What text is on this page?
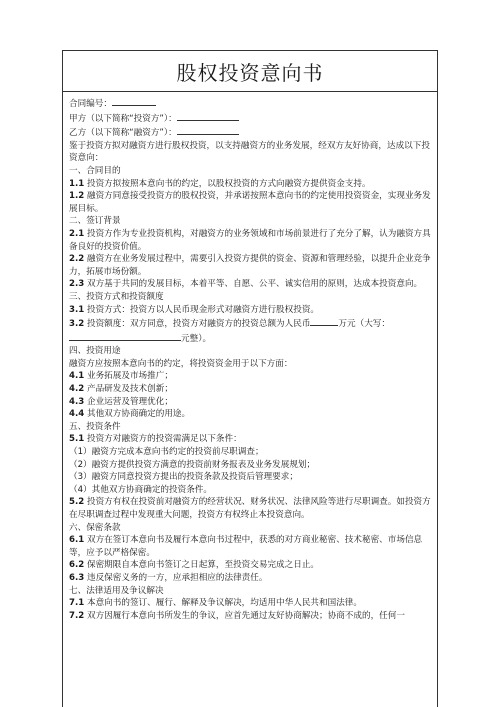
股权投资意向书
合同编号：
甲方（以下简称“投资方”）：
乙方（以下简称“融资方”）：
鉴于投资方拟对融资方进行股权投资，以支持融资方的业务发展，经双方友好协商，达成以下投资意向：
一、合同目的
1.1 投资方拟按照本意向书的约定，以股权投资的方式向融资方提供资金支持。
1.2 融资方同意接受投资方的股权投资，并承诺按照本意向书的约定使用投资资金，实现业务发展目标。
二、签订背景
2.1 投资方作为专业投资机构，对融资方的业务领域和市场前景进行了充分了解，认为融资方具备良好的投资价值。
2.2 融资方在业务发展过程中，需要引入投资方提供的资金、资源和管理经验，以提升企业竞争力，拓展市场份额。
2.3 双方基于共同的发展目标，本着平等、自愿、公平、诚实信用的原则，达成本投资意向。
三、投资方式和投资额度
3.1 投资方式：投资方以人民币现金形式对融资方进行股权投资。
3.2 投资额度：双方同意，投资方对融资方的投资总额为人民币	万元（大写：
元整）。
四、投资用途
融资方应按照本意向书的约定，将投资资金用于以下方面：
4.1 业务拓展及市场推广；
4.2 产品研发及技术创新；
4.3 企业运营及管理优化；
4.4 其他双方协商确定的用途。
五、投资条件
5.1 投资方对融资方的投资需满足以下条件：
（1）融资方完成本意向书约定的投资前尽职调查；
（2）融资方提供投资方满意的投资前财务报表及业务发展规划；
（3）融资方同意投资方提出的投资条款及投资后管理要求；
（4）其他双方协商确定的投资条件。
5.2 投资方有权在投资前对融资方的经营状况、财务状况、法律风险等进行尽职调查。如投资方在尽职调查过程中发现重大问题，投资方有权终止本投资意向。
六、保密条款
6.1 双方在签订本意向书及履行本意向书过程中，获悉的对方商业秘密、技术秘密、市场信息等，应予以严格保密。
6.2 保密期限自本意向书签订之日起算，至投资交易完成之日止。
6.3 违反保密义务的一方，应承担相应的法律责任。
七、法律适用及争议解决
7.1 本意向书的签订、履行、解释及争议解决，均适用中华人民共和国法律。
7.2 双方因履行本意向书所发生的争议，应首先通过友好协商解决；协商不成的，任何一
